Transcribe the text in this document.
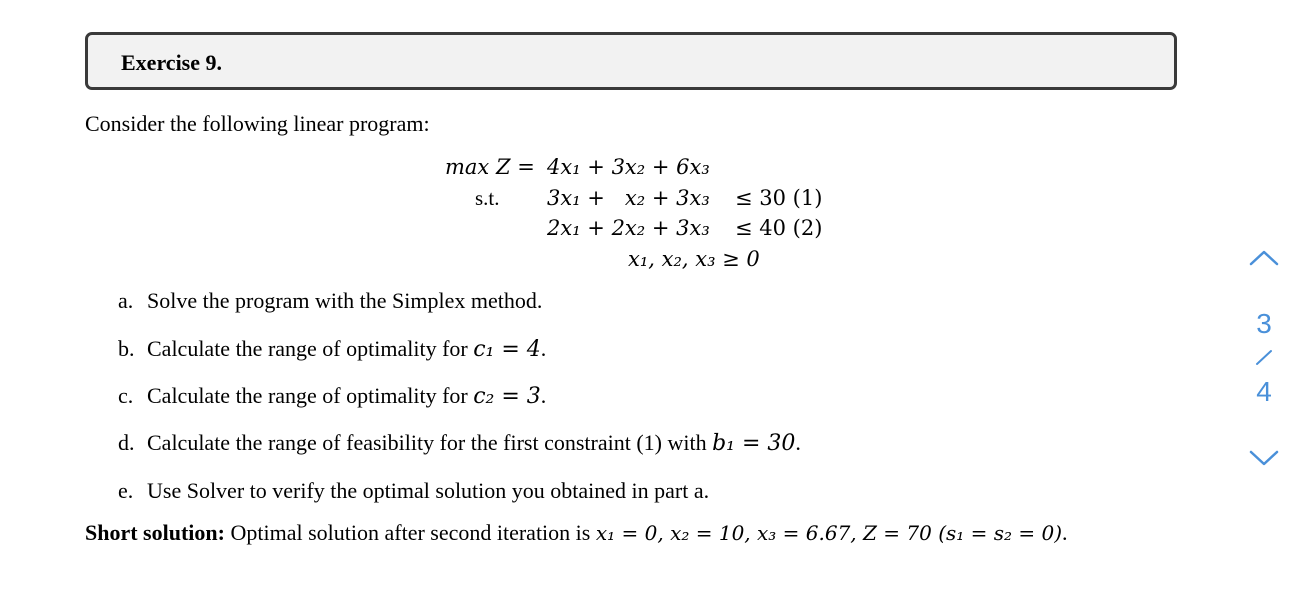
Exercise 9.
Consider the following linear program:
max Z = 4x₁ + 3x₂ + 6x₃
s.t. 3x₁ +   x₂ + 3x₃ ≤ 30 (1)
2x₁ + 2x₂ + 3x₃ ≤ 40 (2)
x₁, x₂, x₃ ≥ 0
a. Solve the program with the Simplex method.
b. Calculate the range of optimality for c₁ = 4.
c. Calculate the range of optimality for c₂ = 3.
d. Calculate the range of feasibility for the first constraint (1) with b₁ = 30.
e. Use Solver to verify the optimal solution you obtained in part a.
Short solution: Optimal solution after second iteration is x₁ = 0, x₂ = 10, x₃ = 6.67, Z = 70 (s₁ = s₂ = 0).
3
4
